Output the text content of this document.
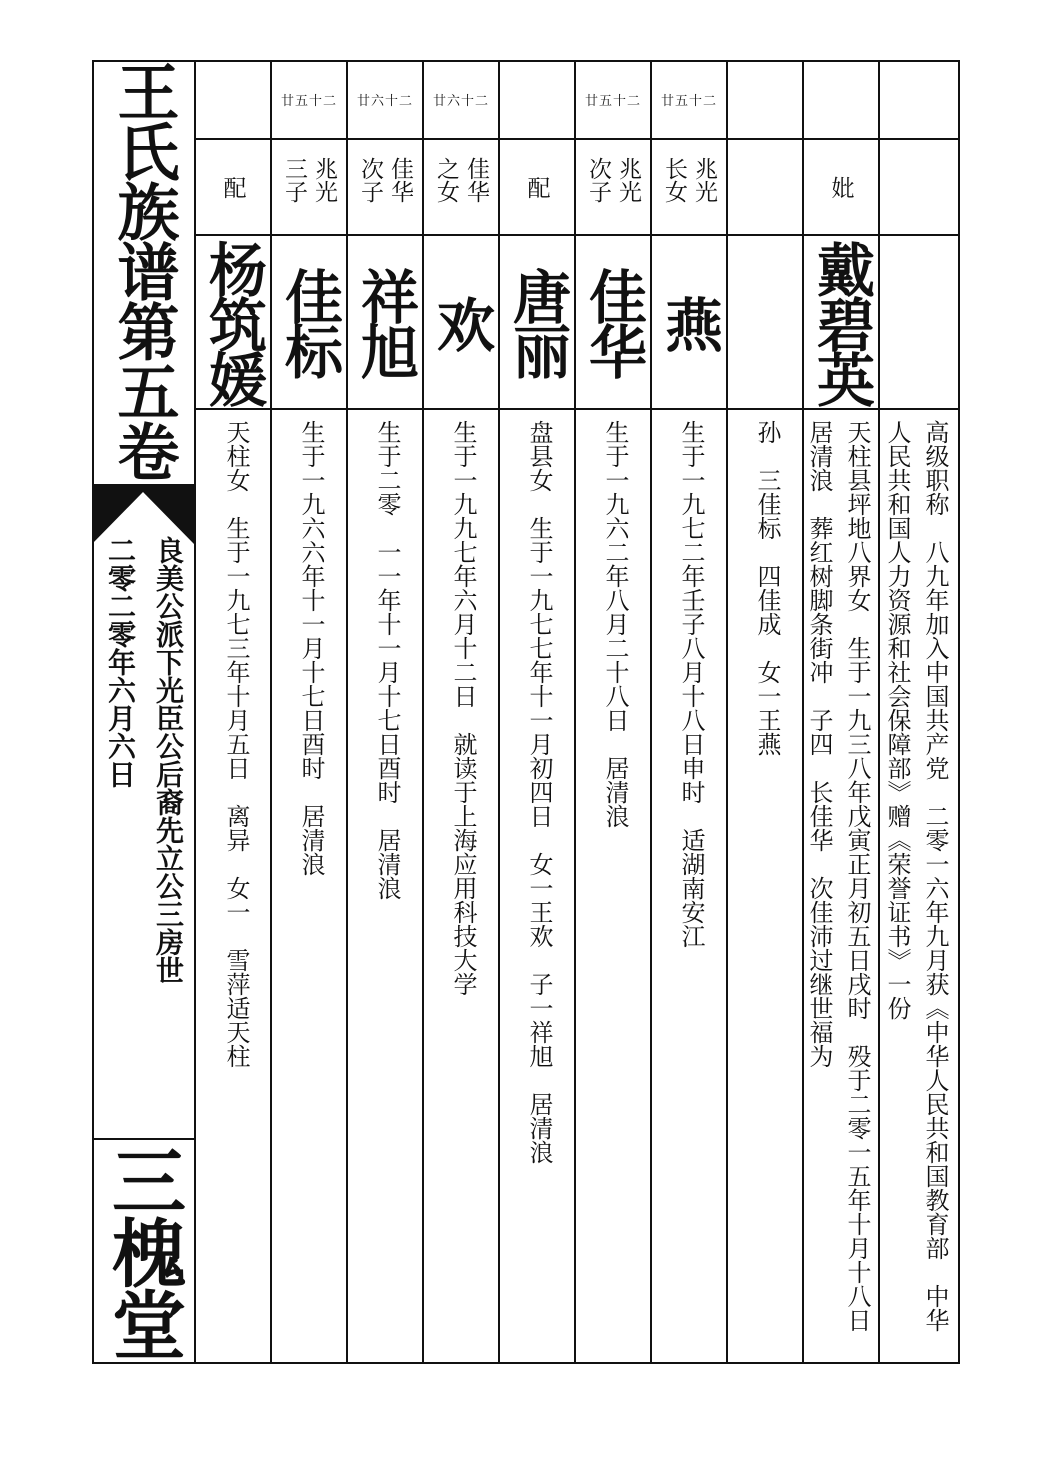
王氏族谱第五卷
良美公派下光臣公后裔先立公三房世
二零二零年六月六日
三槐堂
配
杨筑媛
天柱女　生于一九七三年十月五日　离异　女一　雪萍适天柱
廿五十二
兆光三子
佳标
生于一九六六年十一月十七日酉时　居清浪
廿六十二
佳华次子
祥旭
生于二零　一一年十一月十七日酉时　居清浪
廿六十二
佳华之女
欢
生于一九九七年六月十二日　就读于上海应用科技大学
配
唐丽
盘县女　生于一九七七年十一月初四日　女一王欢　子一祥旭　居清浪
廿五十二
兆光次子
佳华
生于一九六二年八月二十八日　居清浪
廿五十二
兆光长女
燕
生于一九七二年壬子八月十八日申时　适湖南安江 孙　三佳标　四佳成　女一王燕
妣
戴碧英
天柱县坪地八界女　生于一九三八年戊寅正月初五日戌时　殁于二零一五年十月十八日　居清浪　葬红树脚条街冲　子四　长佳华　次佳沛过继世福为	高级职称　八九年加入中国共产党　二零一六年九月获《中华人民共和国教育部　中华人民共和国人力资源和社会保障部》赠《荣誉证书》一份
